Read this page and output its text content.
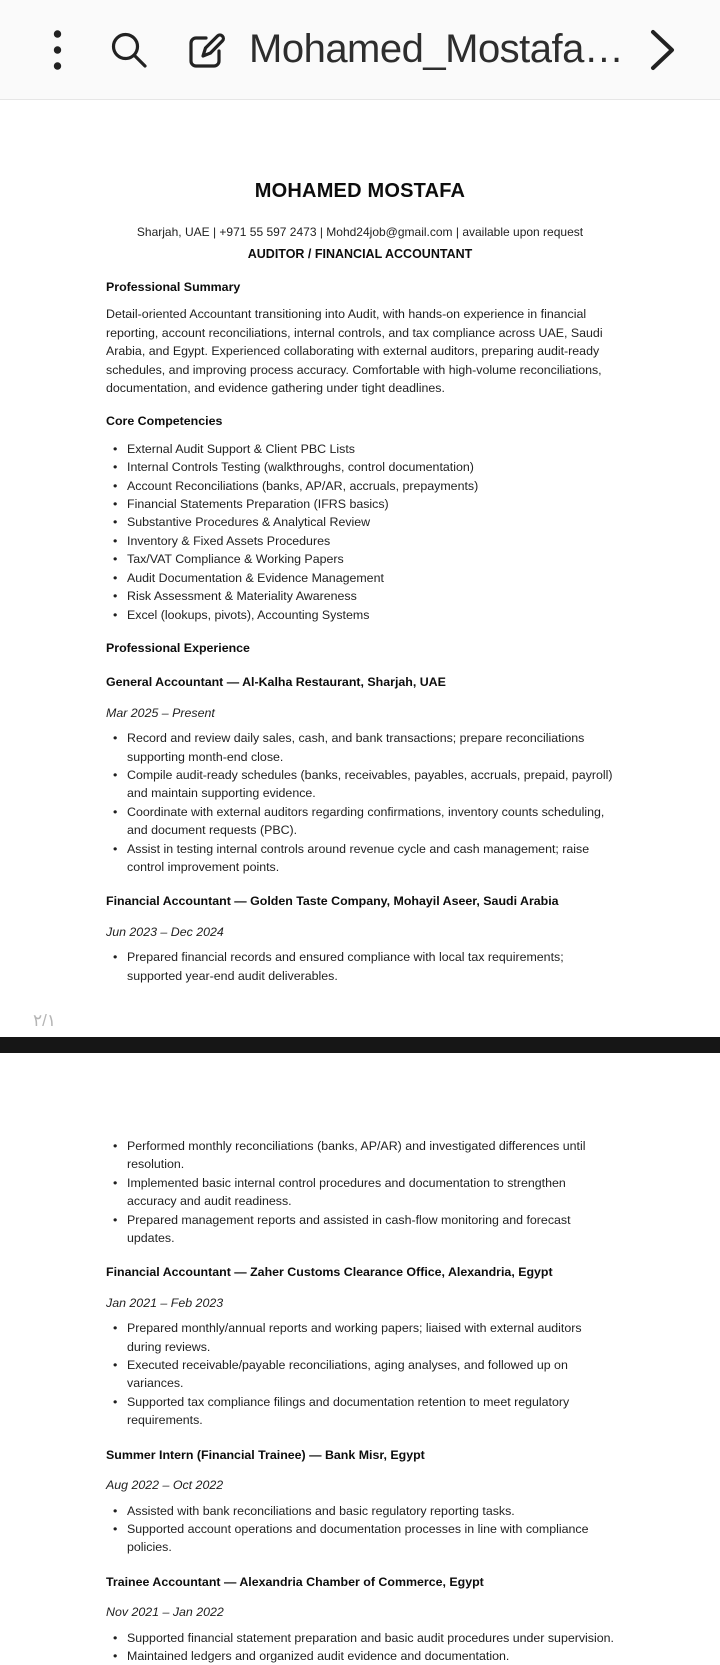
Mohamed_Mostafa…
MOHAMED MOSTAFA
Sharjah, UAE | +971 55 597 2473 | Mohd24job@gmail.com | available upon request
AUDITOR / FINANCIAL ACCOUNTANT
Professional Summary
Detail-oriented Accountant transitioning into Audit, with hands-on experience in financial reporting, account reconciliations, internal controls, and tax compliance across UAE, Saudi Arabia, and Egypt. Experienced collaborating with external auditors, preparing audit-ready schedules, and improving process accuracy. Comfortable with high-volume reconciliations, documentation, and evidence gathering under tight deadlines.
Core Competencies
• External Audit Support & Client PBC Lists
• Internal Controls Testing (walkthroughs, control documentation)
• Account Reconciliations (banks, AP/AR, accruals, prepayments)
• Financial Statements Preparation (IFRS basics)
• Substantive Procedures & Analytical Review
• Inventory & Fixed Assets Procedures
• Tax/VAT Compliance & Working Papers
• Audit Documentation & Evidence Management
• Risk Assessment & Materiality Awareness
• Excel (lookups, pivots), Accounting Systems
Professional Experience
General Accountant — Al-Kalha Restaurant, Sharjah, UAE
Mar 2025 – Present
• Record and review daily sales, cash, and bank transactions; prepare reconciliations supporting month-end close.
• Compile audit-ready schedules (banks, receivables, payables, accruals, prepaid, payroll) and maintain supporting evidence.
• Coordinate with external auditors regarding confirmations, inventory counts scheduling, and document requests (PBC).
• Assist in testing internal controls around revenue cycle and cash management; raise control improvement points.
Financial Accountant — Golden Taste Company, Mohayil Aseer, Saudi Arabia
Jun 2023 – Dec 2024
• Prepared financial records and ensured compliance with local tax requirements; supported year-end audit deliverables.
٢/١
• Performed monthly reconciliations (banks, AP/AR) and investigated differences until resolution.
• Implemented basic internal control procedures and documentation to strengthen accuracy and audit readiness.
• Prepared management reports and assisted in cash-flow monitoring and forecast updates.
Financial Accountant — Zaher Customs Clearance Office, Alexandria, Egypt
Jan 2021 – Feb 2023
• Prepared monthly/annual reports and working papers; liaised with external auditors during reviews.
• Executed receivable/payable reconciliations, aging analyses, and followed up on variances.
• Supported tax compliance filings and documentation retention to meet regulatory requirements.
Summer Intern (Financial Trainee) — Bank Misr, Egypt
Aug 2022 – Oct 2022
• Assisted with bank reconciliations and basic regulatory reporting tasks.
• Supported account operations and documentation processes in line with compliance policies.
Trainee Accountant — Alexandria Chamber of Commerce, Egypt
Nov 2021 – Jan 2022
• Supported financial statement preparation and basic audit procedures under supervision.
• Maintained ledgers and organized audit evidence and documentation.
